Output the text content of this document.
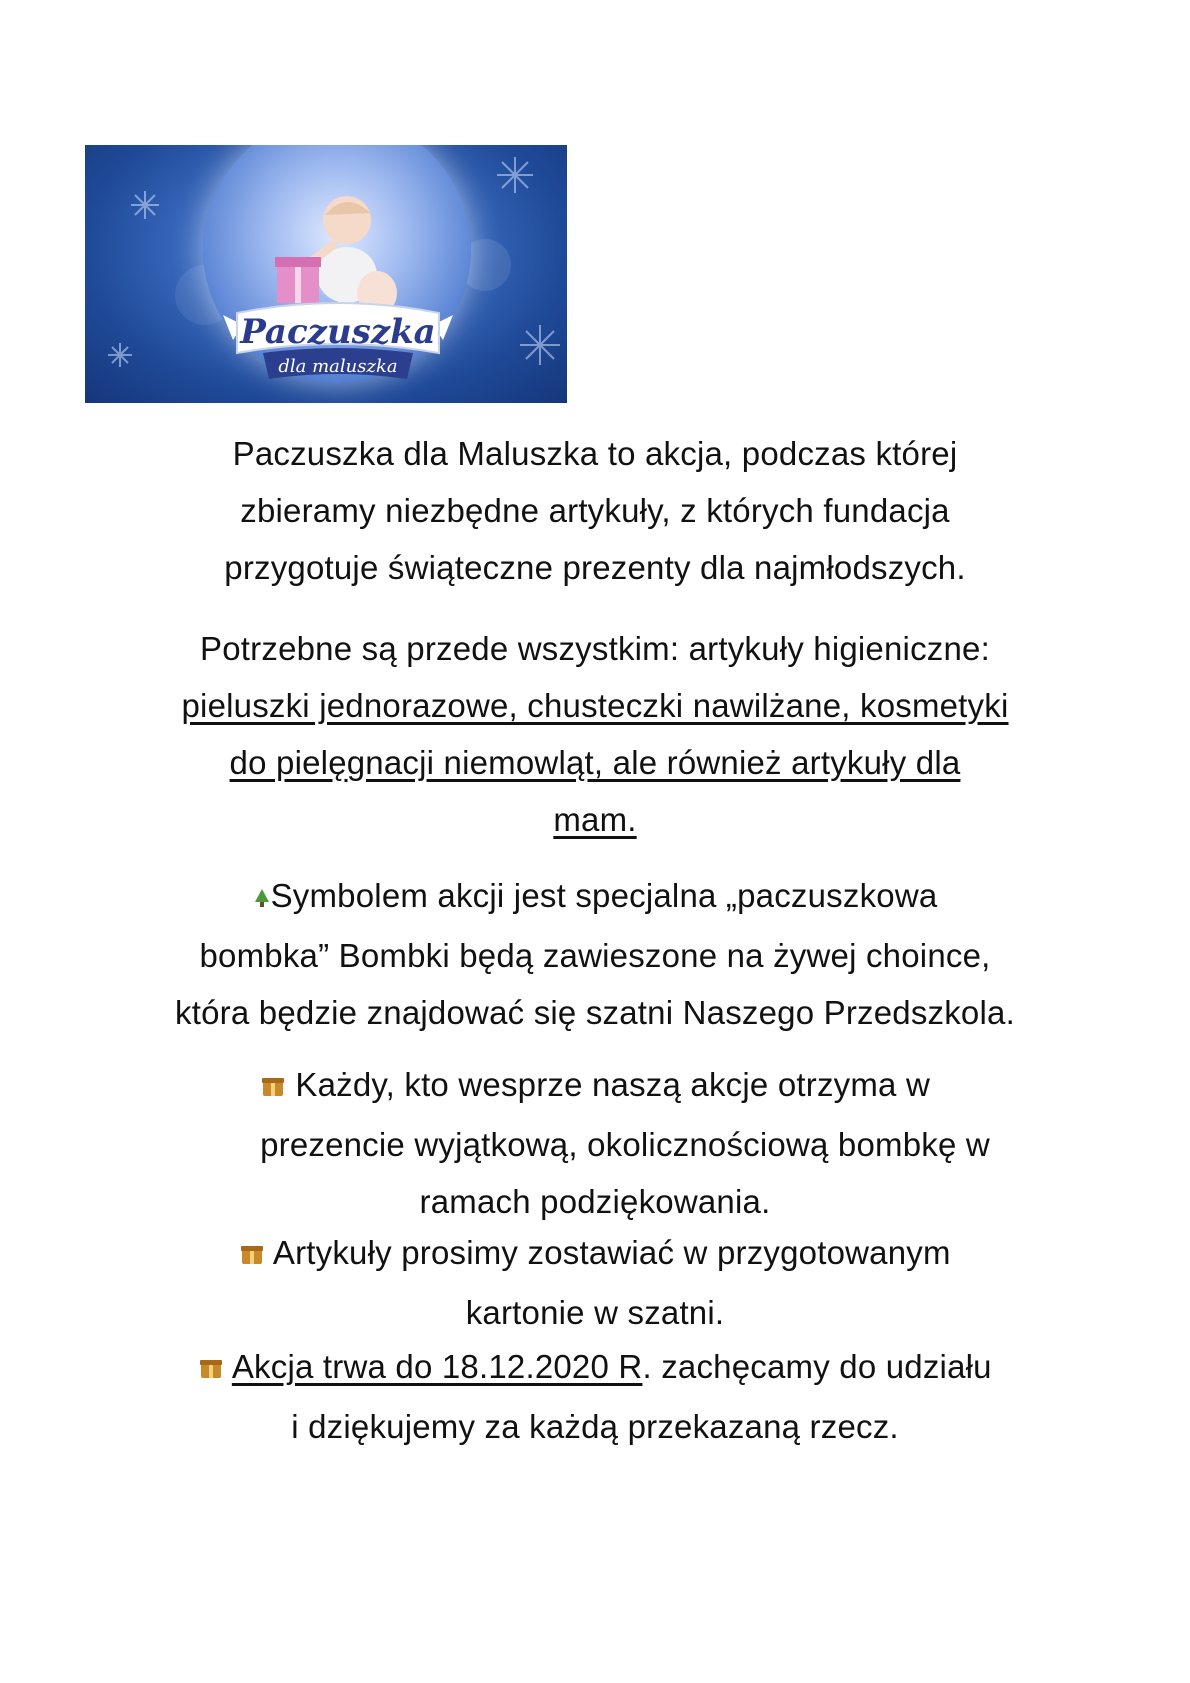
Paczuszka
dla maluszka
Paczuszka dla Maluszka to akcja, podczas której
zbieramy niezbędne artykuły, z których fundacja
przygotuje świąteczne prezenty dla najmłodszych.
Potrzebne są przede wszystkim: artykuły higieniczne:
pieluszki jednorazowe, chusteczki nawilżane, kosmetyki
do pielęgnacji niemowląt, ale również artykuły dla
mam.
Symbolem akcji jest specjalna „paczuszkowa
bombka” Bombki będą zawieszone na żywej choince,
która będzie znajdować się szatni Naszego Przedszkola.
Każdy, kto wesprze naszą akcje otrzyma w
prezencie wyjątkową, okolicznościową bombkę w
ramach podziękowania.
Artykuły prosimy zostawiać w przygotowanym
kartonie w szatni.
Akcja trwa do 18.12.2020 R. zachęcamy do udziału
i dziękujemy za każdą przekazaną rzecz.
